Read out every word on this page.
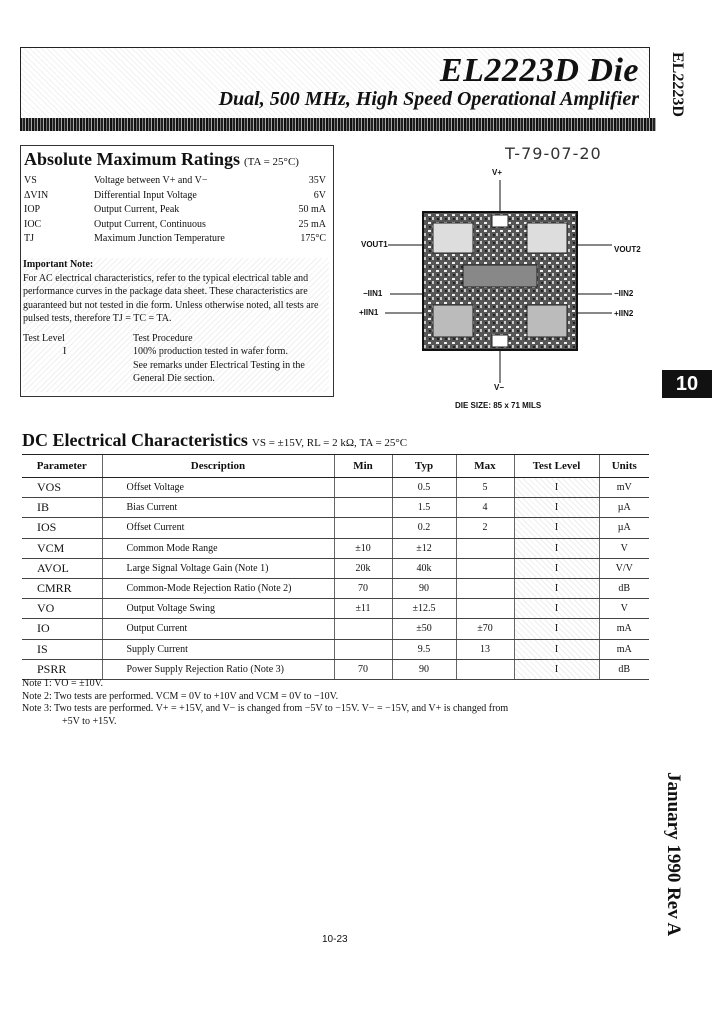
EL2223D Die
Dual, 500 MHz, High Speed Operational Amplifier EL2223D
10
January 1990 Rev A
Absolute Maximum Ratings (TA = 25°C)
VS	Voltage between V+ and V−	35V
ΔVIN	Differential Input Voltage	6V
IOP	Output Current, Peak	50 mA
IOC	Output Current, Continuous	25 mA
TJ	Maximum Junction Temperature	175°C
Important Note:
For AC electrical characteristics, refer to the typical electrical table and performance curves in the package data sheet. These characteristics are guaranteed but not tested in die form. Unless otherwise noted, all tests are pulsed tests, therefore TJ = TC = TA.
Test Level	Test Procedure
I	100% production tested in wafer form.
See remarks under Electrical Testing in the General Die section.
T-79-07-20
V+
VOUT1
VOUT2
−IIN1
+IIN1
−IIN2
+IIN2
V−
DIE SIZE: 85 x 71 MILS
DC Electrical Characteristics VS = ±15V, RL = 2 kΩ, TA = 25°C
Parameter	Description	Min	Typ	Max	Test Level	Units
VOS	Offset Voltage		0.5	5	I	mV
IB	Bias Current		1.5	4	I	µA
IOS	Offset Current		0.2	2	I	µA
VCM	Common Mode Range	±10	±12		I	V
AVOL	Large Signal Voltage Gain (Note 1)	20k	40k		I	V/V
CMRR	Common-Mode Rejection Ratio (Note 2)	70	90		I	dB
VO	Output Voltage Swing	±11	±12.5		I	V
IO	Output Current		±50	±70	I	mA
IS	Supply Current		9.5	13	I	mA
PSRR	Power Supply Rejection Ratio (Note 3)	70	90		I	dB
Note 1: VO = ±10V.
Note 2: Two tests are performed. VCM = 0V to +10V and VCM = 0V to −10V.
Note 3: Two tests are performed. V+ = +15V, and V− is changed from −5V to −15V. V− = −15V, and V+ is changed from
+5V to +15V.
10-23
